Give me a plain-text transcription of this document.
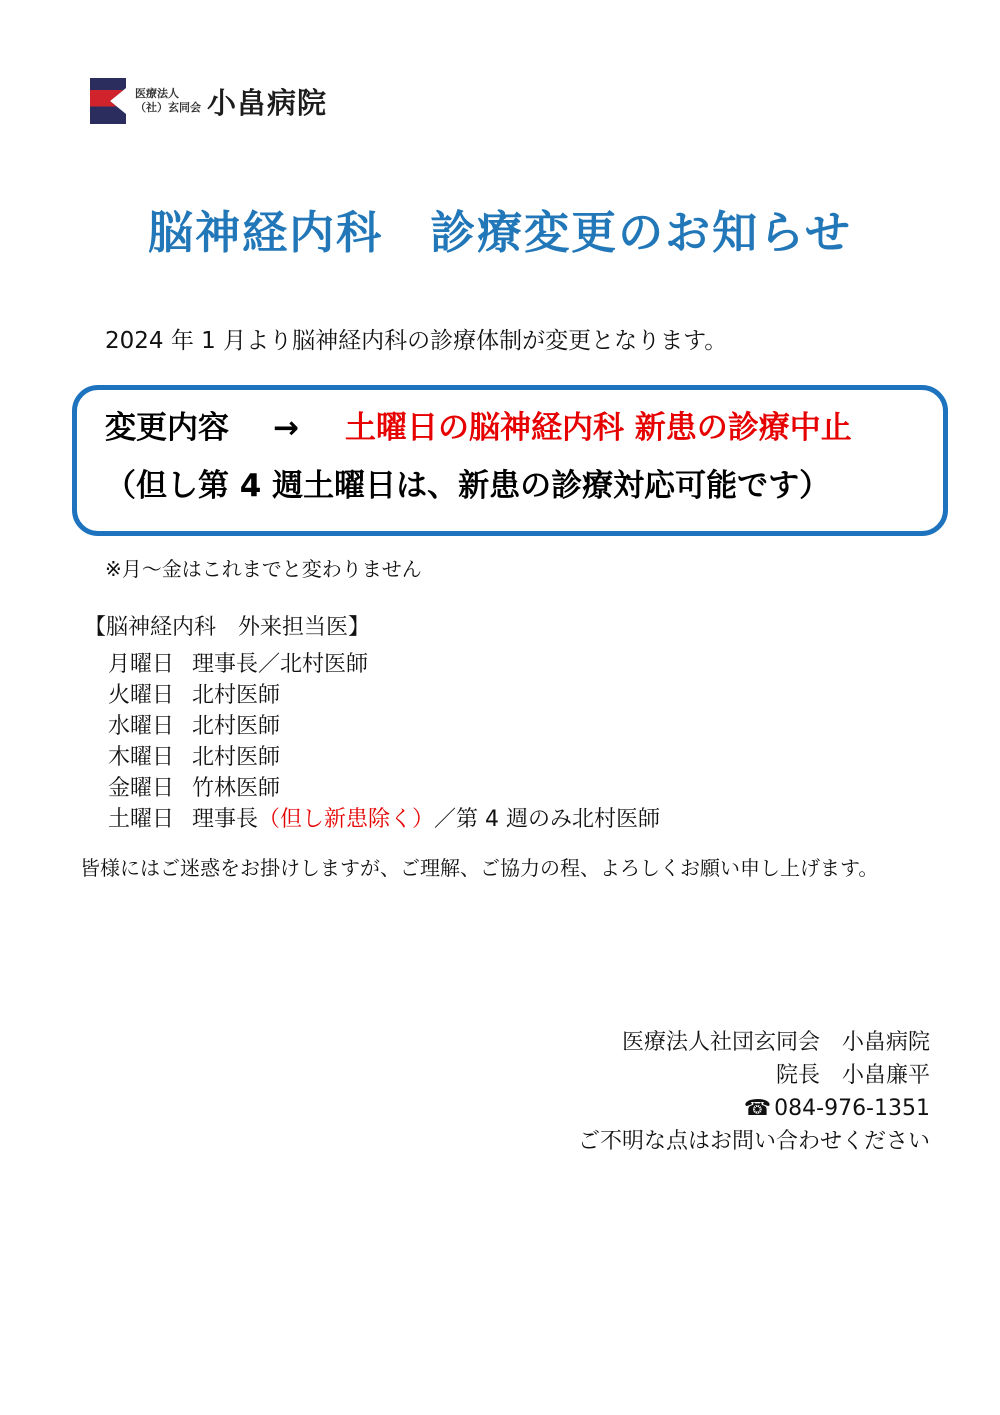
医療法人
（社）玄同会 小畠病院
脳神経内科　診療変更のお知らせ
2024 年 1 月より脳神経内科の診療体制が変更となります。
変更内容 → 土曜日の脳神経内科 新患の診療中止
（但し第 4 週土曜日は、新患の診療対応可能です）
※月～金はこれまでと変わりません
【脳神経内科　外来担当医】
月曜日 理事長／北村医師
火曜日 北村医師
水曜日 北村医師
木曜日 北村医師
金曜日 竹林医師
土曜日 理事長（但し新患除く）／第 4 週のみ北村医師
皆様にはご迷惑をお掛けしますが、ご理解、ご協力の程、よろしくお願い申し上げます。
医療法人社団玄同会　小畠病院
院長　小畠廉平
☎ 084-976-1351
ご不明な点はお問い合わせください
